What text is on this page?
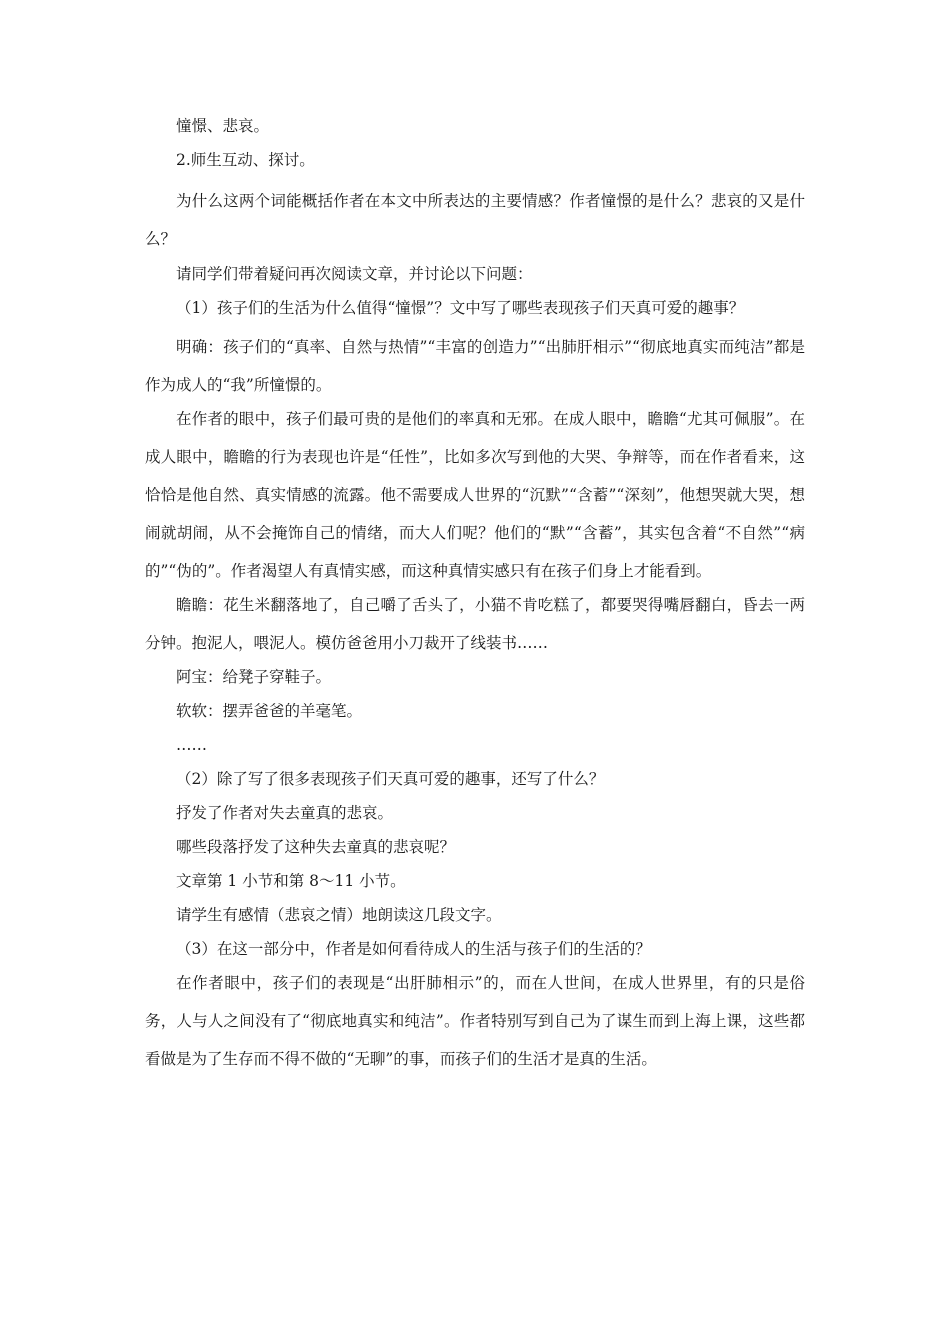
憧憬、悲哀。

2.师生互动、探讨。

为什么这两个词能概括作者在本文中所表达的主要情感？作者憧憬的是什么？悲哀的又是什么？

请同学们带着疑问再次阅读文章，并讨论以下问题：

（1）孩子们的生活为什么值得“憧憬”？文中写了哪些表现孩子们天真可爱的趣事？

明确：孩子们的“真率、自然与热情”“丰富的创造力”“出肺肝相示”“彻底地真实而纯洁”都是作为成人的“我”所憧憬的。

在作者的眼中，孩子们最可贵的是他们的率真和无邪。在成人眼中，瞻瞻“尤其可佩服”。在成人眼中，瞻瞻的行为表现也许是“任性”，比如多次写到他的大哭、争辩等，而在作者看来，这恰恰是他自然、真实情感的流露。他不需要成人世界的“沉默”“含蓄”“深刻”，他想哭就大哭，想闹就胡闹，从不会掩饰自己的情绪，而大人们呢？他们的“默”“含蓄”，其实包含着“不自然”“病的”“伪的”。作者渴望人有真情实感，而这种真情实感只有在孩子们身上才能看到。

瞻瞻：花生米翻落地了，自己嚼了舌头了，小猫不肯吃糕了，都要哭得嘴唇翻白，昏去一两分钟。抱泥人，喂泥人。模仿爸爸用小刀裁开了线装书……

阿宝：给凳子穿鞋子。

软软：摆弄爸爸的羊毫笔。

……

（2）除了写了很多表现孩子们天真可爱的趣事，还写了什么？

抒发了作者对失去童真的悲哀。

哪些段落抒发了这种失去童真的悲哀呢？

文章第 1 小节和第 8～11 小节。

请学生有感情（悲哀之情）地朗读这几段文字。

（3）在这一部分中，作者是如何看待成人的生活与孩子们的生活的？

在作者眼中，孩子们的表现是“出肝肺相示”的，而在人世间，在成人世界里，有的只是俗务，人与人之间没有了“彻底地真实和纯洁”。作者特别写到自己为了谋生而到上海上课，这些都看做是为了生存而不得不做的“无聊”的事，而孩子们的生活才是真的生活。
